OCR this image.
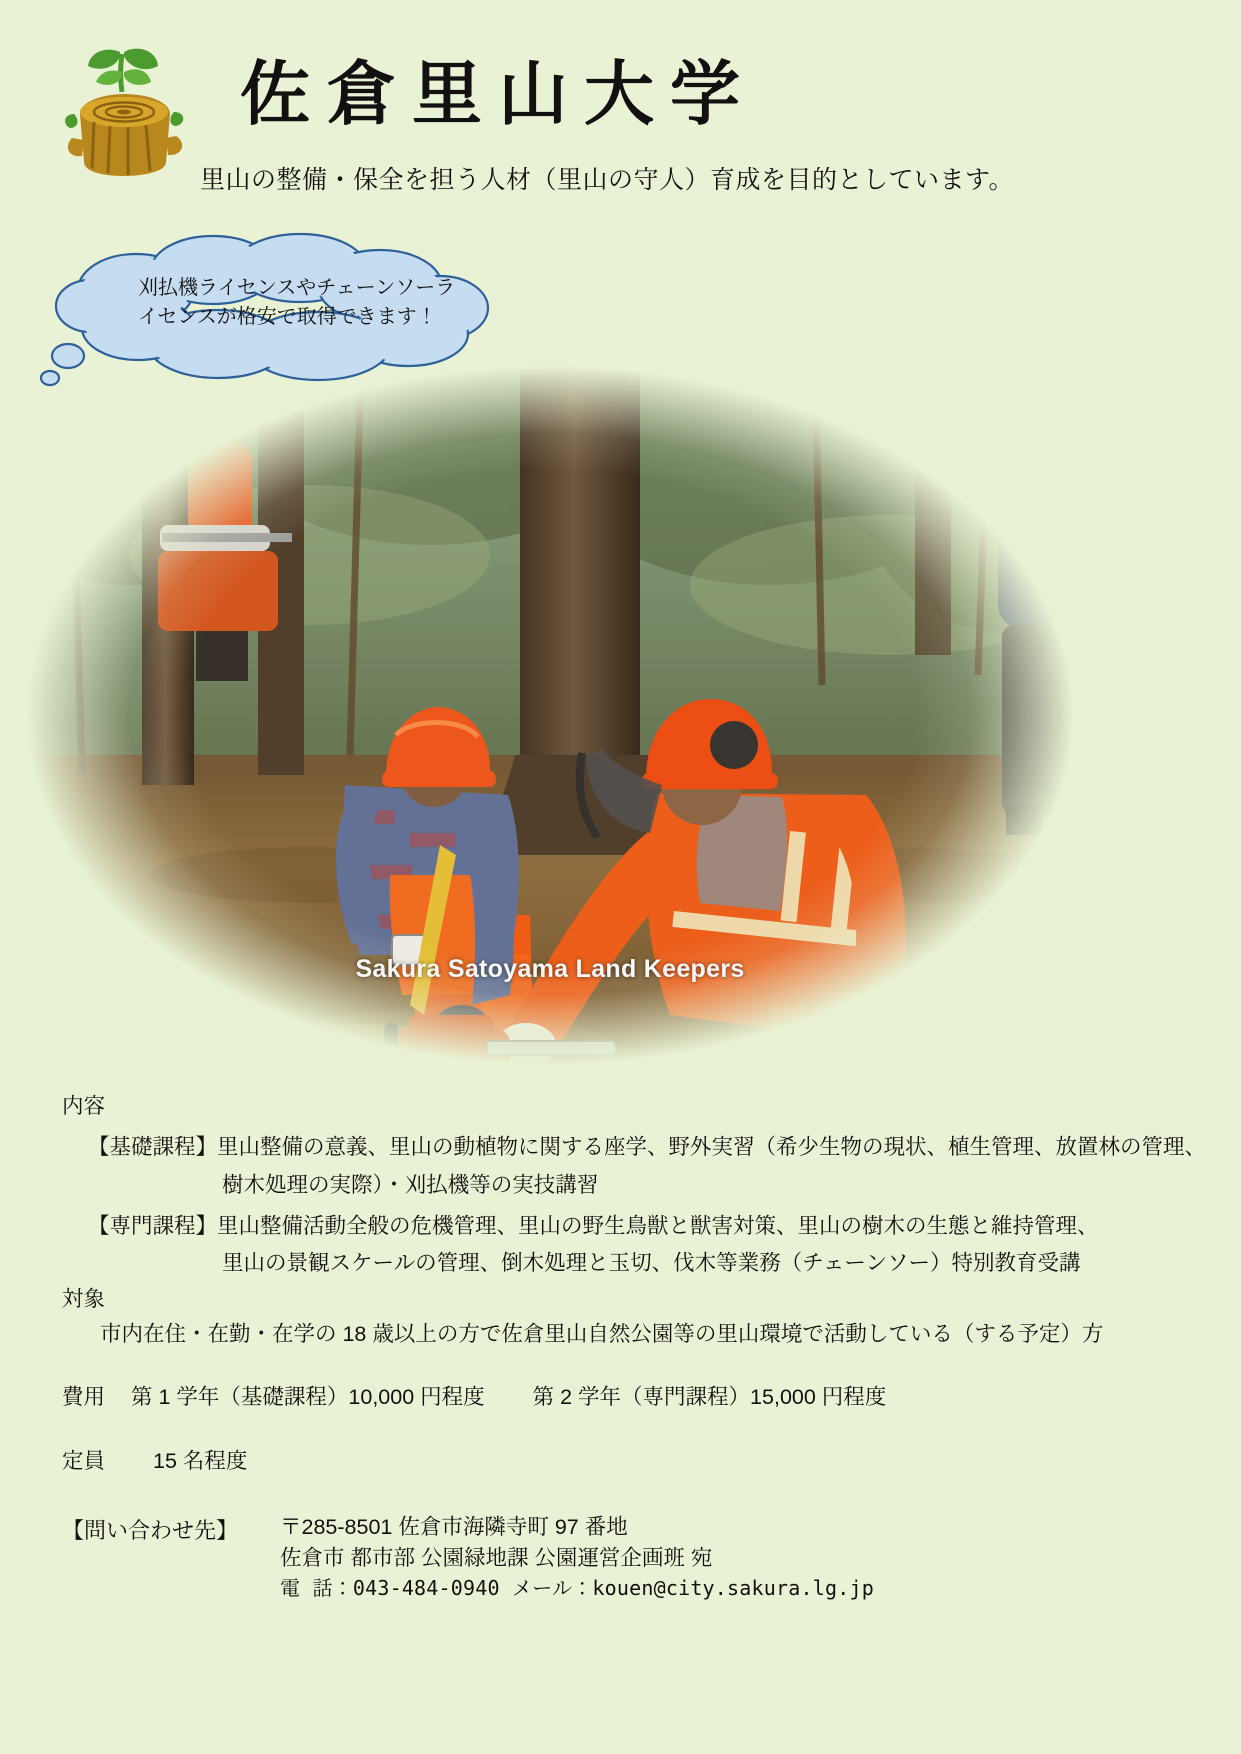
佐倉里山大学
里山の整備・保全を担う人材（里山の守人）育成を目的としています。
刈払機ライセンスやチェーンソーライセンスが格安で取得できます！
Sakura Satoyama Land Keepers
内容
【基礎課程】里山整備の意義、里山の動植物に関する座学、野外実習（希少生物の現状、植生管理、放置林の管理、
樹木処理の実際）・刈払機等の実技講習
【専門課程】里山整備活動全般の危機管理、里山の野生鳥獣と獣害対策、里山の樹木の生態と維持管理、
里山の景観スケールの管理、倒木処理と玉切、伐木等業務（チェーンソー）特別教育受講
対象
市内在住・在勤・在学の 18 歳以上の方で佐倉里山自然公園等の里山環境で活動している（する予定）方
費用 第 1 学年（基礎課程）10,000 円程度 第 2 学年（専門課程）15,000 円程度
定員 15 名程度
【問い合わせ先】 〒285-8501 佐倉市海隣寺町 97 番地
佐倉市 都市部 公園緑地課 公園運営企画班 宛
電 話：043-484-0940 メール：kouen@city.sakura.lg.jp
